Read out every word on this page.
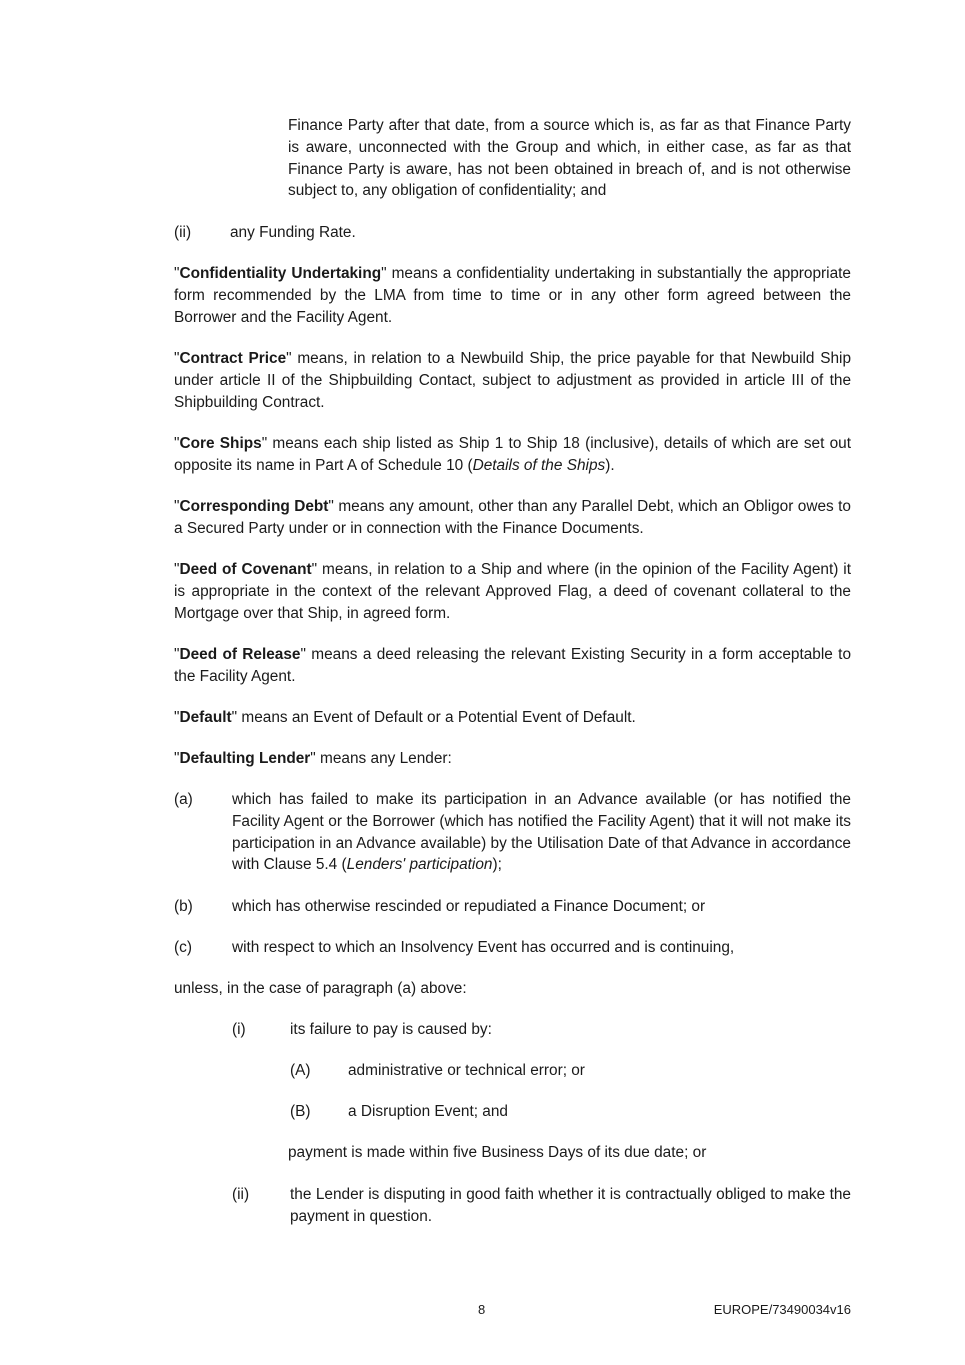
Finance Party after that date, from a source which is, as far as that Finance Party is aware, unconnected with the Group and which, in either case, as far as that Finance Party is aware, has not been obtained in breach of, and is not otherwise subject to, any obligation of confidentiality; and

(ii)	any Funding Rate.

"Confidentiality Undertaking" means a confidentiality undertaking in substantially the appropriate form recommended by the LMA from time to time or in any other form agreed between the Borrower and the Facility Agent.

"Contract Price" means, in relation to a Newbuild Ship, the price payable for that Newbuild Ship under article II of the Shipbuilding Contact, subject to adjustment as provided in article III of the Shipbuilding Contract.

"Core Ships" means each ship listed as Ship 1 to Ship 18 (inclusive), details of which are set out opposite its name in Part A of Schedule 10 (Details of the Ships).

"Corresponding Debt" means any amount, other than any Parallel Debt, which an Obligor owes to a Secured Party under or in connection with the Finance Documents.

"Deed of Covenant" means, in relation to a Ship and where (in the opinion of the Facility Agent) it is appropriate in the context of the relevant Approved Flag, a deed of covenant collateral to the Mortgage over that Ship, in agreed form.

"Deed of Release" means a deed releasing the relevant Existing Security in a form acceptable to the Facility Agent.

"Default" means an Event of Default or a Potential Event of Default.

"Defaulting Lender" means any Lender:

(a)	which has failed to make its participation in an Advance available (or has notified the Facility Agent or the Borrower (which has notified the Facility Agent) that it will not make its participation in an Advance available) by the Utilisation Date of that Advance in accordance with Clause 5.4 (Lenders' participation);

(b)	which has otherwise rescinded or repudiated a Finance Document; or

(c)	with respect to which an Insolvency Event has occurred and is continuing,

unless, in the case of paragraph (a) above:

(i)	its failure to pay is caused by:

(A) administrative or technical error; or

(B) a Disruption Event; and

payment is made within five Business Days of its due date; or

(ii)	the Lender is disputing in good faith whether it is contractually obliged to make the payment in question.

8	EUROPE/73490034v16
